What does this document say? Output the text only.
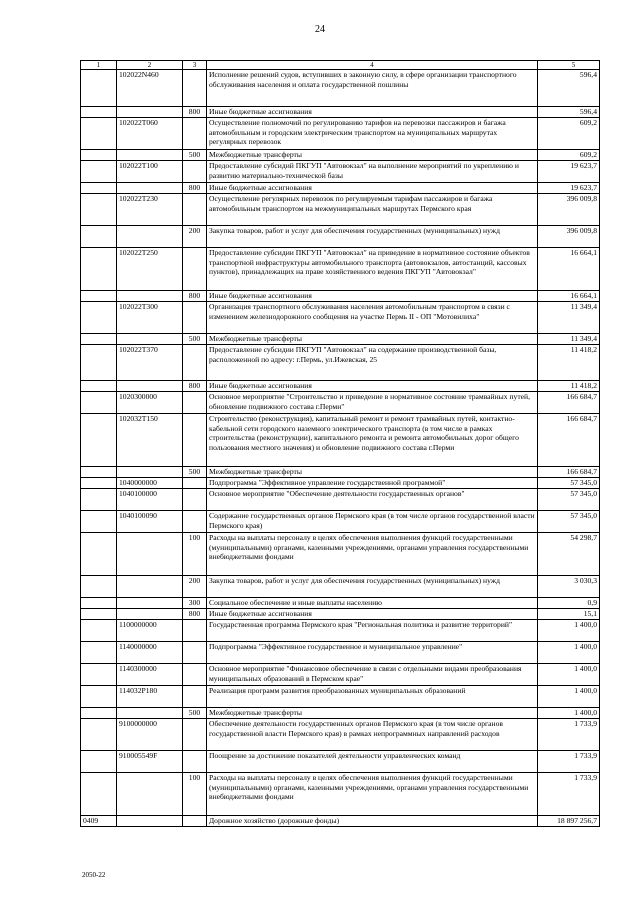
24
1	2	3	4	5
	102022N460		Исполнение решений судов, вступивших в законную силу, в сфере организации транспортного обслуживания населения и оплата государственной пошлины	596,4
		800	Иные бюджетные ассигнования	596,4
	102022T060		Осуществление полномочий по регулированию тарифов на перевозки пассажиров и багажа автомобильным и городским электрическим транспортом на муниципальных маршрутах регулярных перевозок	609,2
		500	Межбюджетные трансферты	609,2
	102022T100		Предоставление субсидий ПКГУП "Автовокзал" на выполнение мероприятий по укреплению и развитию материально-технической базы	19 623,7
		800	Иные бюджетные ассигнования	19 623,7
	102022T230		Осуществление регулярных перевозок по регулируемым тарифам пассажиров и багажа автомобильным транспортом на межмуниципальных маршрутах Пермского края	396 009,8
		200	Закупка товаров, работ и услуг для обеспечения государственных (муниципальных) нужд	396 009,8
	102022T250		Предоставление субсидии ПКГУП "Автовокзал" на приведение в нормативное состояние объектов транспортной инфраструктуры автомобильного транспорта (автовокзалов, автостанций, кассовых пунктов), принадлежащих на праве хозяйственного ведения ПКГУП "Автовокзал"	16 664,1
		800	Иные бюджетные ассигнования	16 664,1
	102022T300		Организация транспортного обслуживания населения автомобильным транспортом в связи с изменением железнодорожного сообщения на участке Пермь II - ОП "Мотовилиха"	11 349,4
		500	Межбюджетные трансферты	11 349,4
	102022T370		Предоставление субсидии ПКГУП "Автовокзал" на содержание производственной базы, расположенной по адресу: г.Пермь, ул.Ижевская, 25	11 418,2
		800	Иные бюджетные ассигнования	11 418,2
	1020300000		Основное мероприятие "Строительство и приведение в нормативное состояние трамвайных путей, обновление подвижного состава г.Перми"	166 684,7
	102032T150		Строительство (реконструкция), капитальный ремонт и ремонт трамвайных путей, контактно-кабельной сети городского наземного электрического транспорта (в том числе в рамках строительства (реконструкции), капитального ремонта и ремонта автомобильных дорог общего пользования местного значения) и обновление подвижного состава г.Перми	166 684,7
		500	Межбюджетные трансферты	166 684,7
	1040000000		Подпрограмма "Эффективное управление государственной программой"	57 345,0
	1040100000		Основное мероприятие "Обеспечение деятельности государственных органов"	57 345,0
	1040100090		Содержание государственных органов Пермского края (в том числе органов государственной власти Пермского края)	57 345,0
		100	Расходы на выплаты персоналу в целях обеспечения выполнения функций государственными (муниципальными) органами, казенными учреждениями, органами управления государственными внебюджетными фондами	54 298,7
		200	Закупка товаров, работ и услуг для обеспечения государственных (муниципальных) нужд	3 030,3
		300	Социальное обеспечение и иные выплаты населению	0,9
		800	Иные бюджетные ассигнования	15,1
	1100000000		Государственная программа Пермского края "Региональная политика и развитие территорий"	1 400,0
	1140000000		Подпрограмма "Эффективное государственное и муниципальное управление"	1 400,0
	1140300000		Основное мероприятие "Финансовое обеспечение в связи с отдельными видами преобразования муниципальных образований в Пермском крае"	1 400,0
	114032P180		Реализация программ развития преобразованных муниципальных образований	1 400,0
		500	Межбюджетные трансферты	1 400,0
	9100000000		Обеспечение деятельности государственных органов Пермского края (в том числе органов государственной власти Пермского края) в рамках непрограммных направлений расходов	1 733,9
	910005549F		Поощрение за достижение показателей деятельности управленческих команд	1 733,9
		100	Расходы на выплаты персоналу в целях обеспечения выполнения функций государственными (муниципальными) органами, казенными учреждениями, органами управления государственными внебюджетными фондами	1 733,9
0409			Дорожное хозяйство (дорожные фонды)	18 897 256,7
2050-22
